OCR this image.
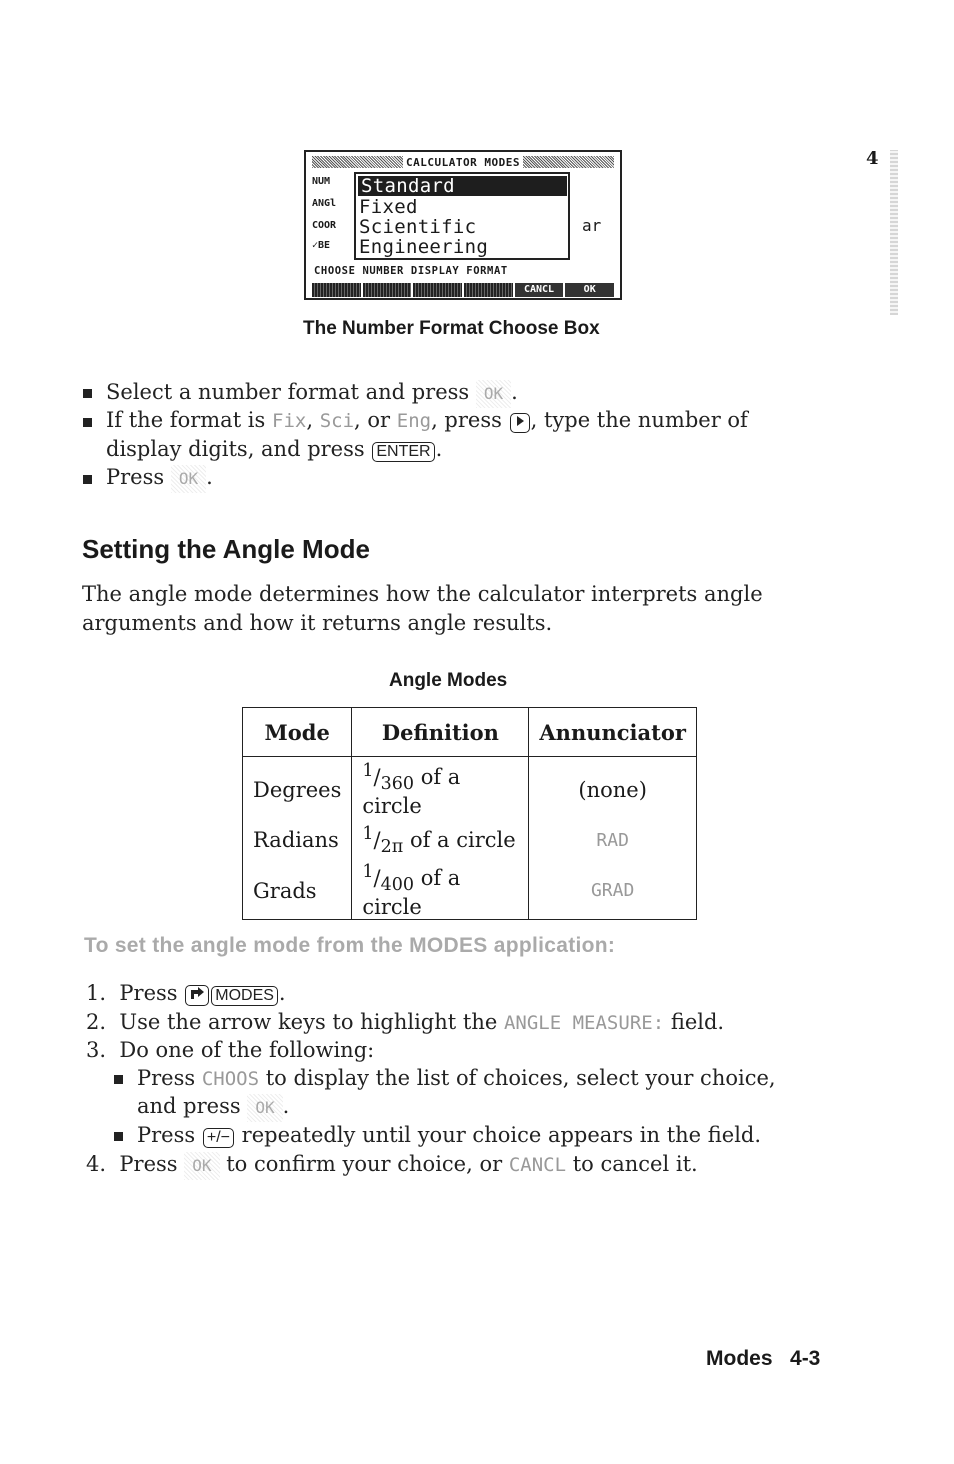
4
CALCULATOR MODES
NUM
ANGl
COOR
✓BE
Standard
Fixed
Scientific
Engineering
ar
CHOOSE NUMBER DISPLAY FORMAT
CANCL	OK
The Number Format Choose Box
Select a number format and press OK .
If the format is Fix, Sci, or Eng, press , type the number of
display digits, and press ENTER .
Press OK .
Setting the Angle Mode
The angle mode determines how the calculator interprets angle
arguments and how it returns angle results.
Angle Modes
Mode	Definition	Annunciator
Degrees	$^1/_{360}$ of a circle	(none)
Radians	$^1/_{2\pi}$ of a circle	RAD
Grads	$^1/_{400}$ of a circle	GRAD
To set the angle mode from the MODES application:
1. Press MODES .
2. Use the arrow keys to highlight the ANGLE MEASURE: field.
3. Do one of the following:
Press CHOOS to display the list of choices, select your choice,
and press OK .
Press +/− repeatedly until your choice appears in the field.
4. Press OK to confirm your choice, or CANCL to cancel it.
Modes   4-3
